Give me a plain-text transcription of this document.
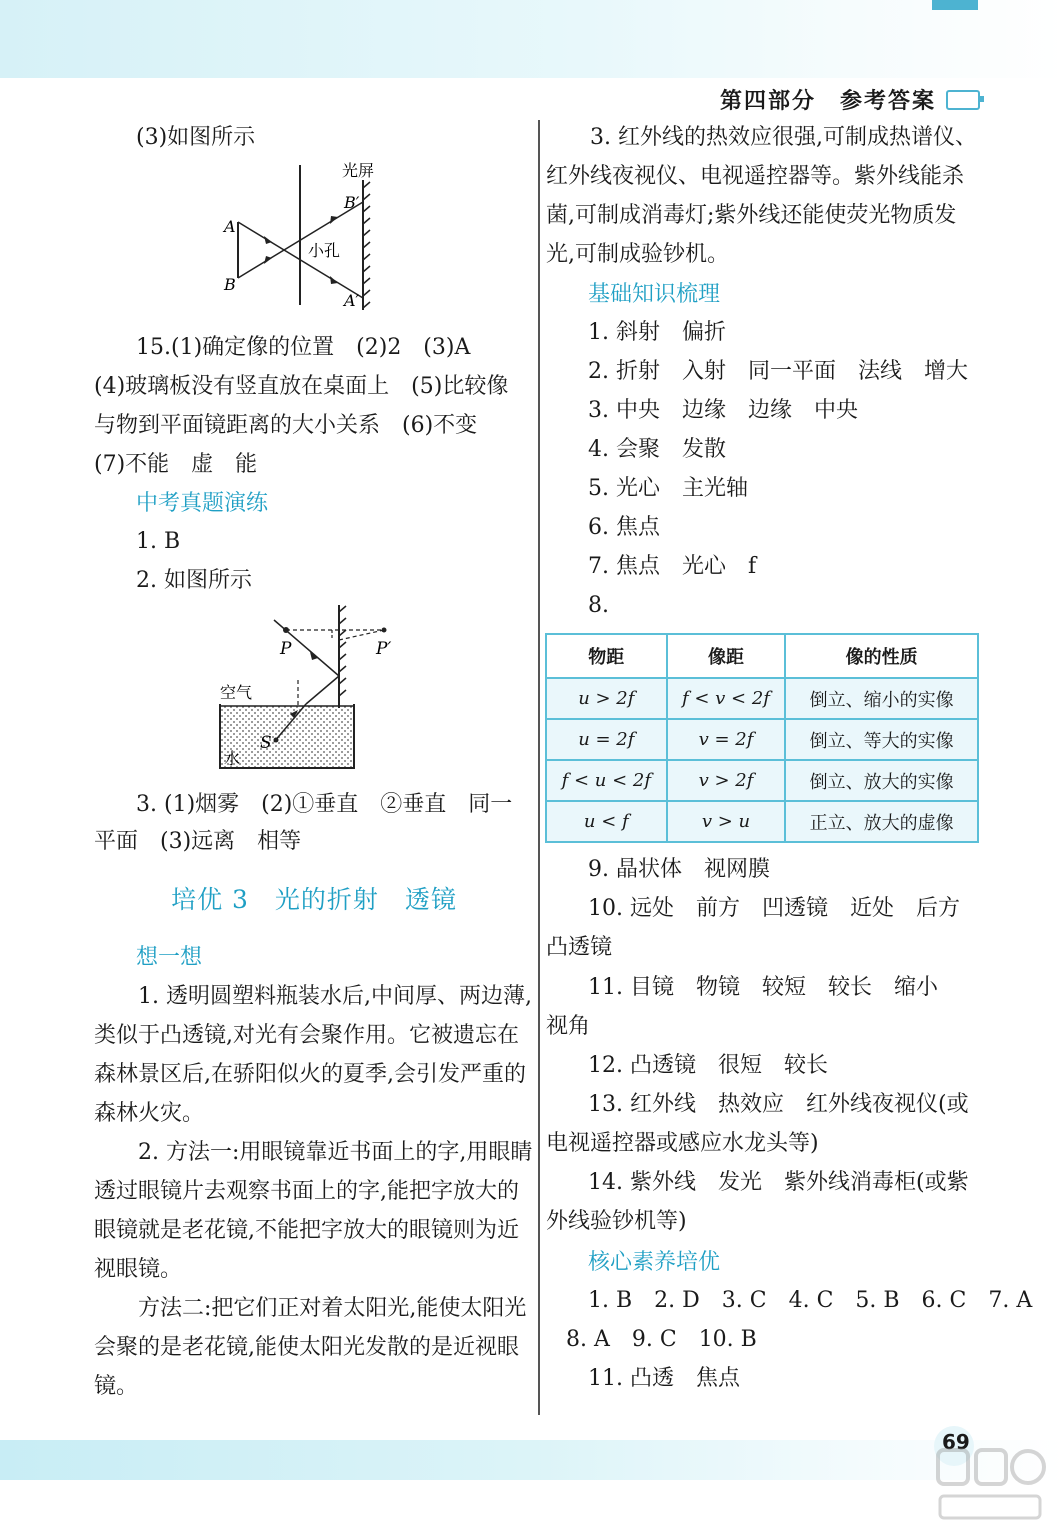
第四部分　参考答案
(3)如图所示
光屏
小孔
A
B
B′
A′

15.(1)确定像的位置　(2)2　(3)A

(4)玻璃板没有竖直放在桌面上　(5)比较像

与物到平面镜距离的大小关系　(6)不变

(7)不能　虚　能

中考真题演练
1. B
2. 如图所示
P	P′
空气
S
水
3. (1)烟雾　(2)①垂直　②垂直　同一
平面　(3)远离　相等
培优 3　光的折射　透镜
想一想

1. 透明圆塑料瓶装水后,中间厚、两边薄,类似于凸透镜,对光有会聚作用。它被遗忘在森林景区后,在骄阳似火的夏季,会引发严重的森林火灾。

2. 方法一:用眼镜靠近书面上的字,用眼睛透过眼镜片去观察书面上的字,能把字放大的眼镜就是老花镜,不能把字放大的眼镜则为近视眼镜。

方法二:把它们正对着太阳光,能使太阳光会聚的是老花镜,能使太阳光发散的是近视眼镜。

3. 红外线的热效应很强,可制成热谱仪、红外线夜视仪、电视遥控器等。紫外线能杀菌,可制成消毒灯;紫外线还能使荧光物质发光,可制成验钞机。

基础知识梳理

1. 斜射　偏折

2. 折射　入射　同一平面　法线　增大

3. 中央　边缘　边缘　中央

4. 会聚　发散

5. 光心　主光轴

6. 焦点

7. 焦点　光心　f

8.

物距	像距	像的性质
u > 2f	f < v < 2f	倒立、缩小的实像
u = 2f	v = 2f	倒立、等大的实像
f < u < 2f	v > 2f	倒立、放大的实像
u < f	v > u	正立、放大的虚像
9. 晶状体　视网膜
10. 远处　前方　凹透镜　近处　后方
凸透镜
11. 目镜　物镜　较短　较长　缩小
视角
12. 凸透镜　很短　较长
13. 红外线　热效应　红外线夜视仪(或
电视遥控器或感应水龙头等)
14. 紫外线　发光　紫外线消毒柜(或紫
外线验钞机等)
核心素养培优
1. B　2. D　3. C　4. C　5. B　6. C　7. A
8. A　9. C　10. B
11. 凸透　焦点
69
